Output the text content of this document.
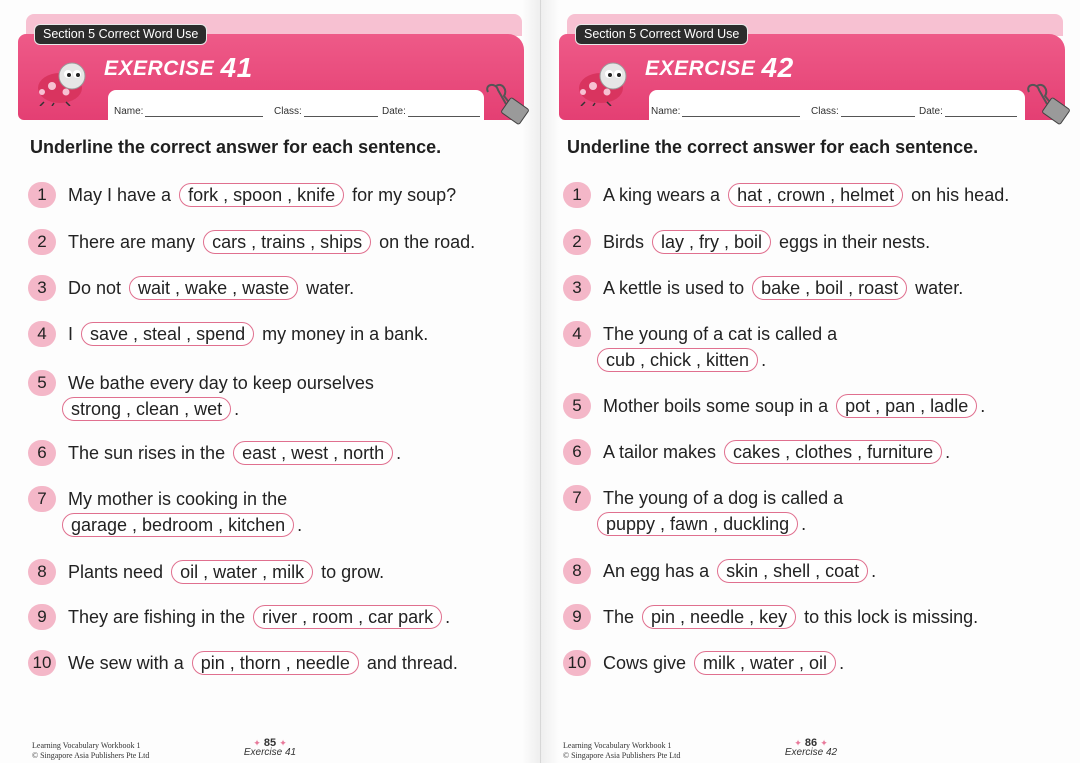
Section 5 Correct Word Use
EXERCISE 41
Name:	Class:	Date:
Underline the correct answer for each sentence.
1	May I have a fork , spoon , knife for my soup?
2	There are many cars , trains , ships on the road.
3	Do not wait , wake , waste water.
4	I save , steal , spend my money in a bank.
5	We bathe every day to keep ourselves
strong , clean , wet .
6	The sun rises in the east , west , north .
7	My mother is cooking in the
garage , bedroom , kitchen .
8	Plants need oil , water , milk to grow.
9	They are fishing in the river , room , car park .
10 We sew with a pin , thorn , needle and thread.
Learning Vocabulary Workbook 1
© Singapore Asia Publishers Pte Ltd
✦ 85 ✦
Exercise 41
Section 5 Correct Word Use
EXERCISE 42
Name:	Class:	Date:
Underline the correct answer for each sentence.
1	A king wears a hat , crown , helmet on his head.
2	Birds lay , fry , boil eggs in their nests.
3	A kettle is used to bake , boil , roast water.
4	The young of a cat is called a
cub , chick , kitten .
5	Mother boils some soup in a pot , pan , ladle .
6	A tailor makes cakes , clothes , furniture .
7	The young of a dog is called a
puppy , fawn , duckling .
8	An egg has a skin , shell , coat .
9	The pin , needle , key to this lock is missing.
10 Cows give milk , water , oil .
Learning Vocabulary Workbook 1
© Singapore Asia Publishers Pte Ltd
✦ 86 ✦
Exercise 42
